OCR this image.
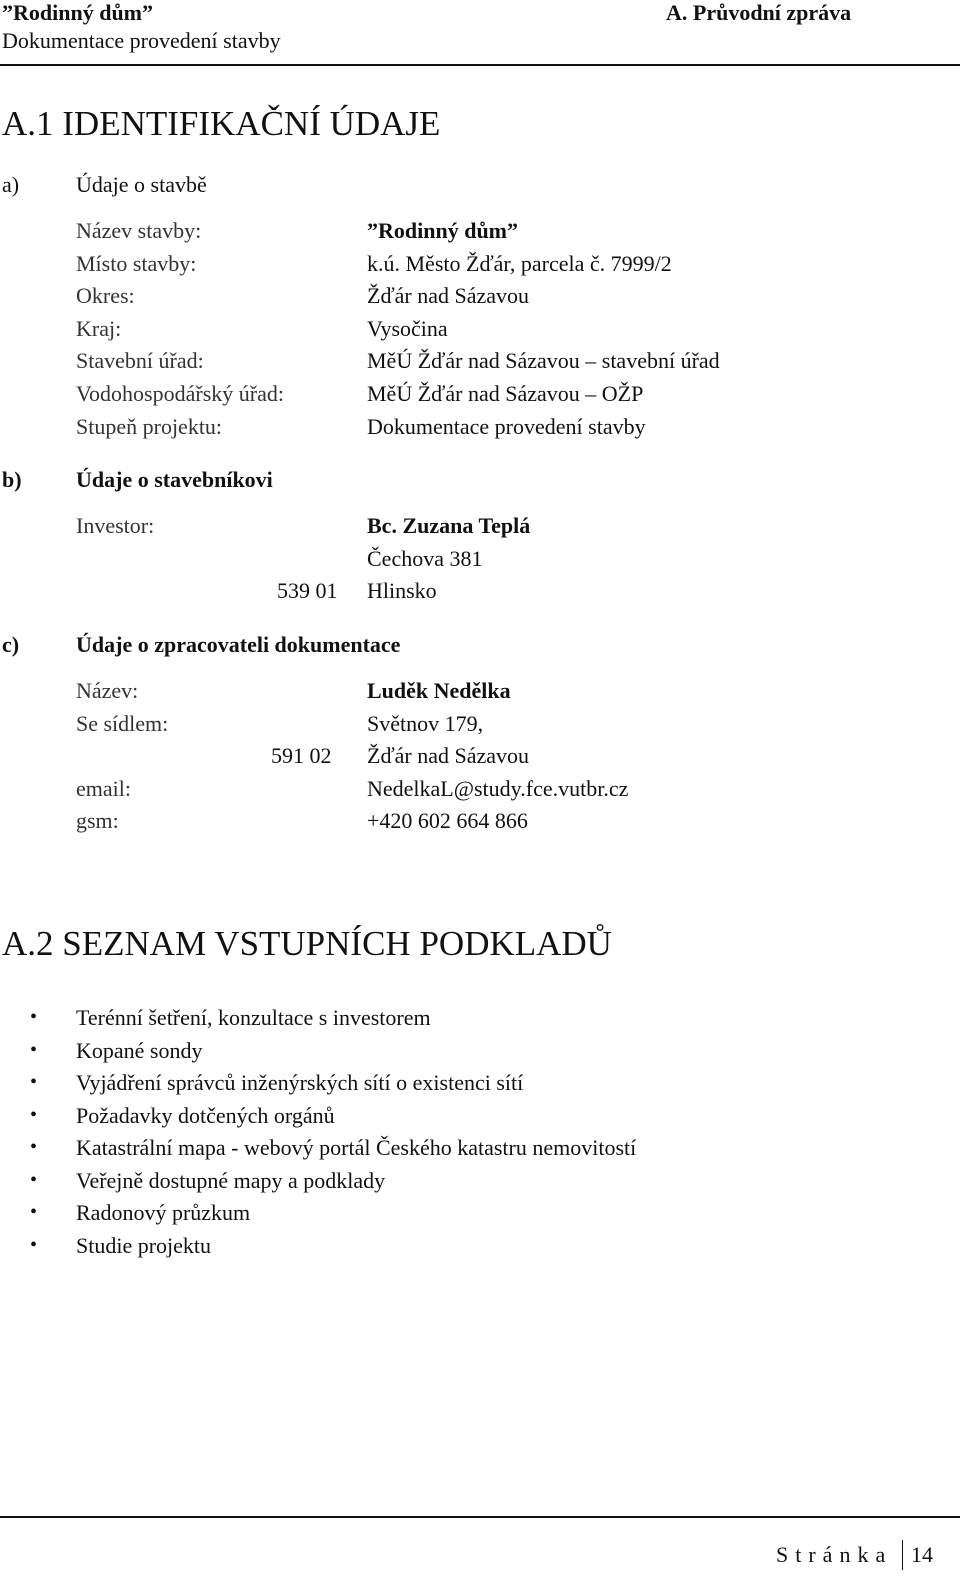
”Rodinný dům”
Dokumentace provedení stavby
A. Průvodní zpráva
A.1 IDENTIFIKAČNÍ ÚDAJE
a)	Údaje o stavbě
Název stavby:	”Rodinný dům”
Místo stavby:	k.ú. Město Žďár, parcela č. 7999/2
Okres:	Žďár nad Sázavou
Kraj:	Vysočina
Stavební úřad:	MěÚ Žďár nad Sázavou – stavební úřad
Vodohospodářský úřad:	MěÚ Žďár nad Sázavou – OŽP
Stupeň projektu:	Dokumentace provedení stavby
b) Údaje o stavebníkovi
Investor:	Bc. Zuzana Teplá
Čechova 381
539 01 Hlinsko
c)	Údaje o zpracovateli dokumentace
Název:	Luděk Nedělka
Se sídlem:	Světnov 179,
591 02 Žďár nad Sázavou
email:	NedelkaL@study.fce.vutbr.cz
gsm:	+420 602 664 866
A.2 SEZNAM VSTUPNÍCH PODKLADŮ
• Terénní šetření, konzultace s investorem
• Kopané sondy
• Vyjádření správců inženýrských sítí o existenci sítí
• Požadavky dotčených orgánů
• Katastrální mapa - webový portál Českého katastru nemovitostí
• Veřejně dostupné mapy a podklady
• Radonový průzkum
• Studie projektu
Stránka 14
